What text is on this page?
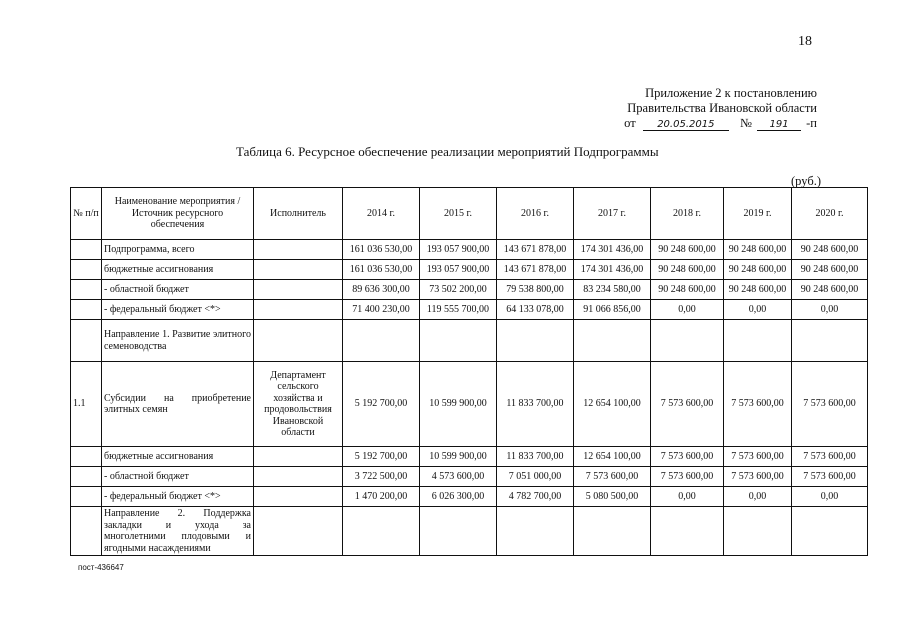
18
Приложение 2 к постановлению
Правительства Ивановской области
от 20.05.2015 № 191 -п
Таблица 6. Ресурсное обеспечение реализации мероприятий Подпрограммы
(руб.)
№ п/п	Наименование мероприятия / Источник ресурсного обеспечения	Исполнитель	2014 г.	2015 г.	2016 г.	2017 г.	2018 г.	2019 г.	2020 г.
	Подпрограмма, всего		161 036 530,00	193 057 900,00	143 671 878,00	174 301 436,00	90 248 600,00	90 248 600,00	90 248 600,00
	бюджетные ассигнования		161 036 530,00	193 057 900,00	143 671 878,00	174 301 436,00	90 248 600,00	90 248 600,00	90 248 600,00
	- областной бюджет		89 636 300,00	73 502 200,00	79 538 800,00	83 234 580,00	90 248 600,00	90 248 600,00	90 248 600,00
	- федеральный бюджет <*>		71 400 230,00	119 555 700,00	64 133 078,00	91 066 856,00	0,00	0,00	0,00
	Направление 1. Развитие элитного семеноводства								
1.1	Субсидии на приобретение элитных семян	Департамент сельского хозяйства и продовольствия Ивановской области	5 192 700,00	10 599 900,00	11 833 700,00	12 654 100,00	7 573 600,00	7 573 600,00	7 573 600,00
	бюджетные ассигнования		5 192 700,00	10 599 900,00	11 833 700,00	12 654 100,00	7 573 600,00	7 573 600,00	7 573 600,00
	- областной бюджет		3 722 500,00	4 573 600,00	7 051 000,00	7 573 600,00	7 573 600,00	7 573 600,00	7 573 600,00
	- федеральный бюджет <*>		1 470 200,00	6 026 300,00	4 782 700,00	5 080 500,00	0,00	0,00	0,00
	Направление 2. Поддержка закладки и ухода за многолетними плодовыми и ягодными насаждениями								
пост-436647
